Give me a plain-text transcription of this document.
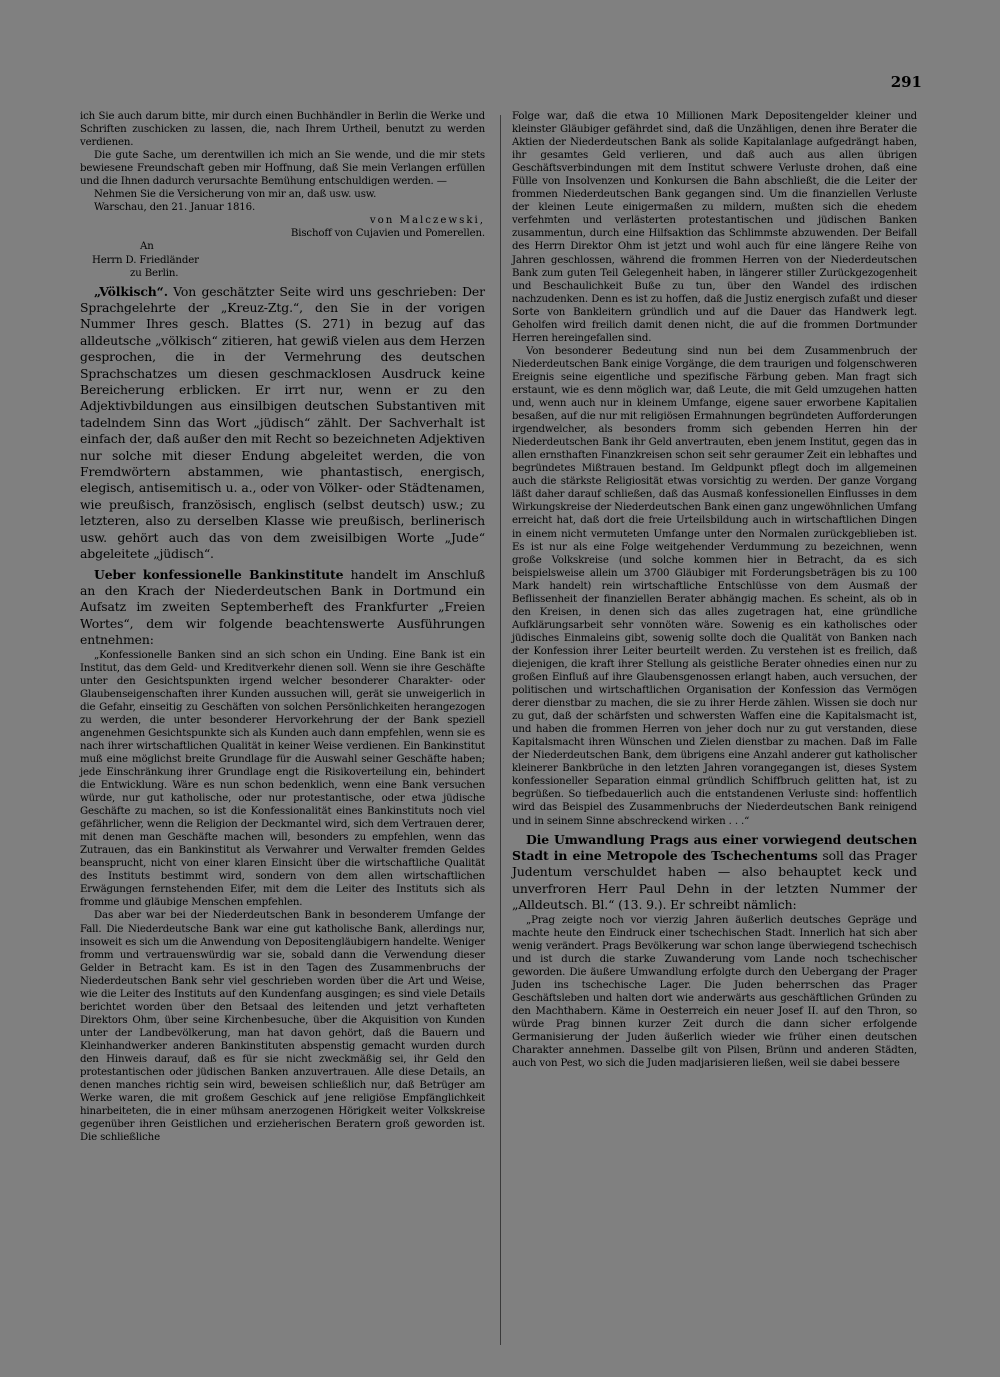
291

ich Sie auch darum bitte, mir durch einen Buchhändler in Berlin die Werke und Schriften zuschicken zu lassen, die, nach Ihrem Urtheil, benutzt zu werden verdienen.

Die gute Sache, um derentwillen ich mich an Sie wende, und die mir stets bewiesene Freundschaft geben mir Hoffnung, daß Sie mein Verlangen erfüllen und die Ihnen dadurch verursachte Bemühung entschuldigen werden. —

Nehmen Sie die Versicherung von mir an, daß usw. usw.

Warschau, den 21. Januar 1816.

von Malczewski,

Bischoff von Cujavien und Pomerellen.

An

Herrn D. Friedländer

zu Berlin.

„Völkisch“. Von geschätzter Seite wird uns geschrieben: Der Sprachgelehrte der „Kreuz-Ztg.“, den Sie in der vorigen Nummer Ihres gesch. Blattes (S. 271) in bezug auf das alldeutsche „völkisch“ zitieren, hat gewiß vielen aus dem Herzen gesprochen, die in der Vermehrung des deutschen Sprachschatzes um diesen geschmacklosen Ausdruck keine Bereicherung erblicken. Er irrt nur, wenn er zu den Adjektivbildungen aus einsilbigen deutschen Substantiven mit tadelndem Sinn das Wort „jüdisch“ zählt. Der Sachverhalt ist einfach der, daß außer den mit Recht so bezeichneten Adjektiven nur solche mit dieser Endung abgeleitet werden, die von Fremdwörtern abstammen, wie phantastisch, energisch, elegisch, antisemitisch u. a., oder von Völker- oder Städtenamen, wie preußisch, französisch, englisch (selbst deutsch) usw.; zu letzteren, also zu derselben Klasse wie preußisch, berlinerisch usw. gehört auch das von dem zweisilbigen Worte „Jude“ abgeleitete „jüdisch“.

Ueber konfessionelle Bankinstitute handelt im Anschluß an den Krach der Niederdeutschen Bank in Dortmund ein Aufsatz im zweiten Septemberheft des Frankfurter „Freien Wortes“, dem wir folgende beachtenswerte Ausführungen entnehmen:

„Konfessionelle Banken sind an sich schon ein Unding. Eine Bank ist ein Institut, das dem Geld- und Kreditverkehr dienen soll. Wenn sie ihre Geschäfte unter den Gesichtspunkten irgend welcher besonderer Charakter- oder Glaubenseigenschaften ihrer Kunden aussuchen will, gerät sie unweigerlich in die Gefahr, einseitig zu Geschäften von solchen Persönlichkeiten herangezogen zu werden, die unter besonderer Hervorkehrung der der Bank speziell angenehmen Gesichtspunkte sich als Kunden auch dann empfehlen, wenn sie es nach ihrer wirtschaftlichen Qualität in keiner Weise verdienen. Ein Bankinstitut muß eine möglichst breite Grundlage für die Auswahl seiner Geschäfte haben; jede Einschränkung ihrer Grundlage engt die Risikoverteilung ein, behindert die Entwicklung. Wäre es nun schon bedenklich, wenn eine Bank versuchen würde, nur gut katholische, oder nur protestantische, oder etwa jüdische Geschäfte zu machen, so ist die Konfessionalität eines Bankinstituts noch viel gefährlicher, wenn die Religion der Deckmantel wird, sich dem Vertrauen derer, mit denen man Geschäfte machen will, besonders zu empfehlen, wenn das Zutrauen, das ein Bankinstitut als Verwahrer und Verwalter fremden Geldes beansprucht, nicht von einer klaren Einsicht über die wirtschaftliche Qualität des Instituts bestimmt wird, sondern von dem allen wirtschaftlichen Erwägungen fernstehenden Eifer, mit dem die Leiter des Instituts sich als fromme und gläubige Menschen empfehlen.

Das aber war bei der Niederdeutschen Bank in besonderem Umfange der Fall. Die Niederdeutsche Bank war eine gut katholische Bank, allerdings nur, insoweit es sich um die Anwendung von Depositengläubigern handelte. Weniger fromm und vertrauenswürdig war sie, sobald dann die Verwendung dieser Gelder in Betracht kam. Es ist in den Tagen des Zusammenbruchs der Niederdeutschen Bank sehr viel geschrieben worden über die Art und Weise, wie die Leiter des Instituts auf den Kundenfang ausgingen; es sind viele Details berichtet worden über den Betsaal des leitenden und jetzt verhafteten Direktors Ohm, über seine Kirchenbesuche, über die Akquisition von Kunden unter der Landbevölkerung, man hat davon gehört, daß die Bauern und Kleinhandwerker anderen Bankinstituten abspenstig gemacht wurden durch den Hinweis darauf, daß es für sie nicht zweckmäßig sei, ihr Geld den protestantischen oder jüdischen Banken anzuvertrauen. Alle diese Details, an denen manches richtig sein wird, beweisen schließlich nur, daß Betrüger am Werke waren, die mit großem Geschick auf jene religiöse Empfänglichkeit hinarbeiteten, die in einer mühsam anerzogenen Hörigkeit weiter Volkskreise gegenüber ihren Geistlichen und erzieherischen Beratern groß geworden ist. Die schließliche

Folge war, daß die etwa 10 Millionen Mark Depositengelder kleiner und kleinster Gläubiger gefährdet sind, daß die Unzähligen, denen ihre Berater die Aktien der Niederdeutschen Bank als solide Kapitalanlage aufgedrängt haben, ihr gesamtes Geld verlieren, und daß auch aus allen übrigen Geschäftsverbindungen mit dem Institut schwere Verluste drohen, daß eine Fülle von Insolvenzen und Konkursen die Bahn abschließt, die die Leiter der frommen Niederdeutschen Bank gegangen sind. Um die finanziellen Verluste der kleinen Leute einigermaßen zu mildern, mußten sich die ehedem verfehmten und verlästerten protestantischen und jüdischen Banken zusammentun, durch eine Hilfsaktion das Schlimmste abzuwenden. Der Beifall des Herrn Direktor Ohm ist jetzt und wohl auch für eine längere Reihe von Jahren geschlossen, während die frommen Herren von der Niederdeutschen Bank zum guten Teil Gelegenheit haben, in längerer stiller Zurückgezogenheit und Beschaulichkeit Buße zu tun, über den Wandel des irdischen nachzudenken. Denn es ist zu hoffen, daß die Justiz energisch zufaßt und dieser Sorte von Bankleitern gründlich und auf die Dauer das Handwerk legt. Geholfen wird freilich damit denen nicht, die auf die frommen Dortmunder Herren hereingefallen sind.

Von besonderer Bedeutung sind nun bei dem Zusammenbruch der Niederdeutschen Bank einige Vorgänge, die dem traurigen und folgenschweren Ereignis seine eigentliche und spezifische Färbung geben. Man fragt sich erstaunt, wie es denn möglich war, daß Leute, die mit Geld umzugehen hatten und, wenn auch nur in kleinem Umfange, eigene sauer erworbene Kapitalien besaßen, auf die nur mit religiösen Ermahnungen begründeten Aufforderungen irgendwelcher, als besonders fromm sich gebenden Herren hin der Niederdeutschen Bank ihr Geld anvertrauten, eben jenem Institut, gegen das in allen ernsthaften Finanzkreisen schon seit sehr geraumer Zeit ein lebhaftes und begründetes Mißtrauen bestand. Im Geldpunkt pflegt doch im allgemeinen auch die stärkste Religiosität etwas vorsichtig zu werden. Der ganze Vorgang läßt daher darauf schließen, daß das Ausmaß konfessionellen Einflusses in dem Wirkungskreise der Niederdeutschen Bank einen ganz ungewöhnlichen Umfang erreicht hat, daß dort die freie Urteilsbildung auch in wirtschaftlichen Dingen in einem nicht vermuteten Umfange unter den Normalen zurückgeblieben ist. Es ist nur als eine Folge weitgehender Verdummung zu bezeichnen, wenn große Volkskreise (und solche kommen hier in Betracht, da es sich beispielsweise allein um 3700 Gläubiger mit Forderungsbeträgen bis zu 100 Mark handelt) rein wirtschaftliche Entschlüsse von dem Ausmaß der Beflissenheit der finanziellen Berater abhängig machen. Es scheint, als ob in den Kreisen, in denen sich das alles zugetragen hat, eine gründliche Aufklärungsarbeit sehr vonnöten wäre. Sowenig es ein katholisches oder jüdisches Einmaleins gibt, sowenig sollte doch die Qualität von Banken nach der Konfession ihrer Leiter beurteilt werden. Zu verstehen ist es freilich, daß diejenigen, die kraft ihrer Stellung als geistliche Berater ohnedies einen nur zu großen Einfluß auf ihre Glaubensgenossen erlangt haben, auch versuchen, der politischen und wirtschaftlichen Organisation der Konfession das Vermögen derer dienstbar zu machen, die sie zu ihrer Herde zählen. Wissen sie doch nur zu gut, daß der schärfsten und schwersten Waffen eine die Kapitalsmacht ist, und haben die frommen Herren von jeher doch nur zu gut verstanden, diese Kapitalsmacht ihren Wünschen und Zielen dienstbar zu machen. Daß im Falle der Niederdeutschen Bank, dem übrigens eine Anzahl anderer gut katholischer kleinerer Bankbrüche in den letzten Jahren vorangegangen ist, dieses System konfessioneller Separation einmal gründlich Schiffbruch gelitten hat, ist zu begrüßen. So tiefbedauerlich auch die entstandenen Verluste sind: hoffentlich wird das Beispiel des Zusammenbruchs der Niederdeutschen Bank reinigend und in seinem Sinne abschreckend wirken . . .“

Die Umwandlung Prags aus einer vorwiegend deutschen Stadt in eine Metropole des Tschechentums soll das Prager Judentum verschuldet haben — also behauptet keck und unverfroren Herr Paul Dehn in der letzten Nummer der „Alldeutsch. Bl.“ (13. 9.). Er schreibt nämlich:

„Prag zeigte noch vor vierzig Jahren äußerlich deutsches Gepräge und machte heute den Eindruck einer tschechischen Stadt. Innerlich hat sich aber wenig verändert. Prags Bevölkerung war schon lange überwiegend tschechisch und ist durch die starke Zuwanderung vom Lande noch tschechischer geworden. Die äußere Umwandlung erfolgte durch den Uebergang der Prager Juden ins tschechische Lager. Die Juden beherrschen das Prager Geschäftsleben und halten dort wie anderwärts aus geschäftlichen Gründen zu den Machthabern. Käme in Oesterreich ein neuer Josef II. auf den Thron, so würde Prag binnen kurzer Zeit durch die dann sicher erfolgende Germanisierung der Juden äußerlich wieder wie früher einen deutschen Charakter annehmen. Dasselbe gilt von Pilsen, Brünn und anderen Städten, auch von Pest, wo sich die Juden madjarisieren ließen, weil sie dabei bessere
